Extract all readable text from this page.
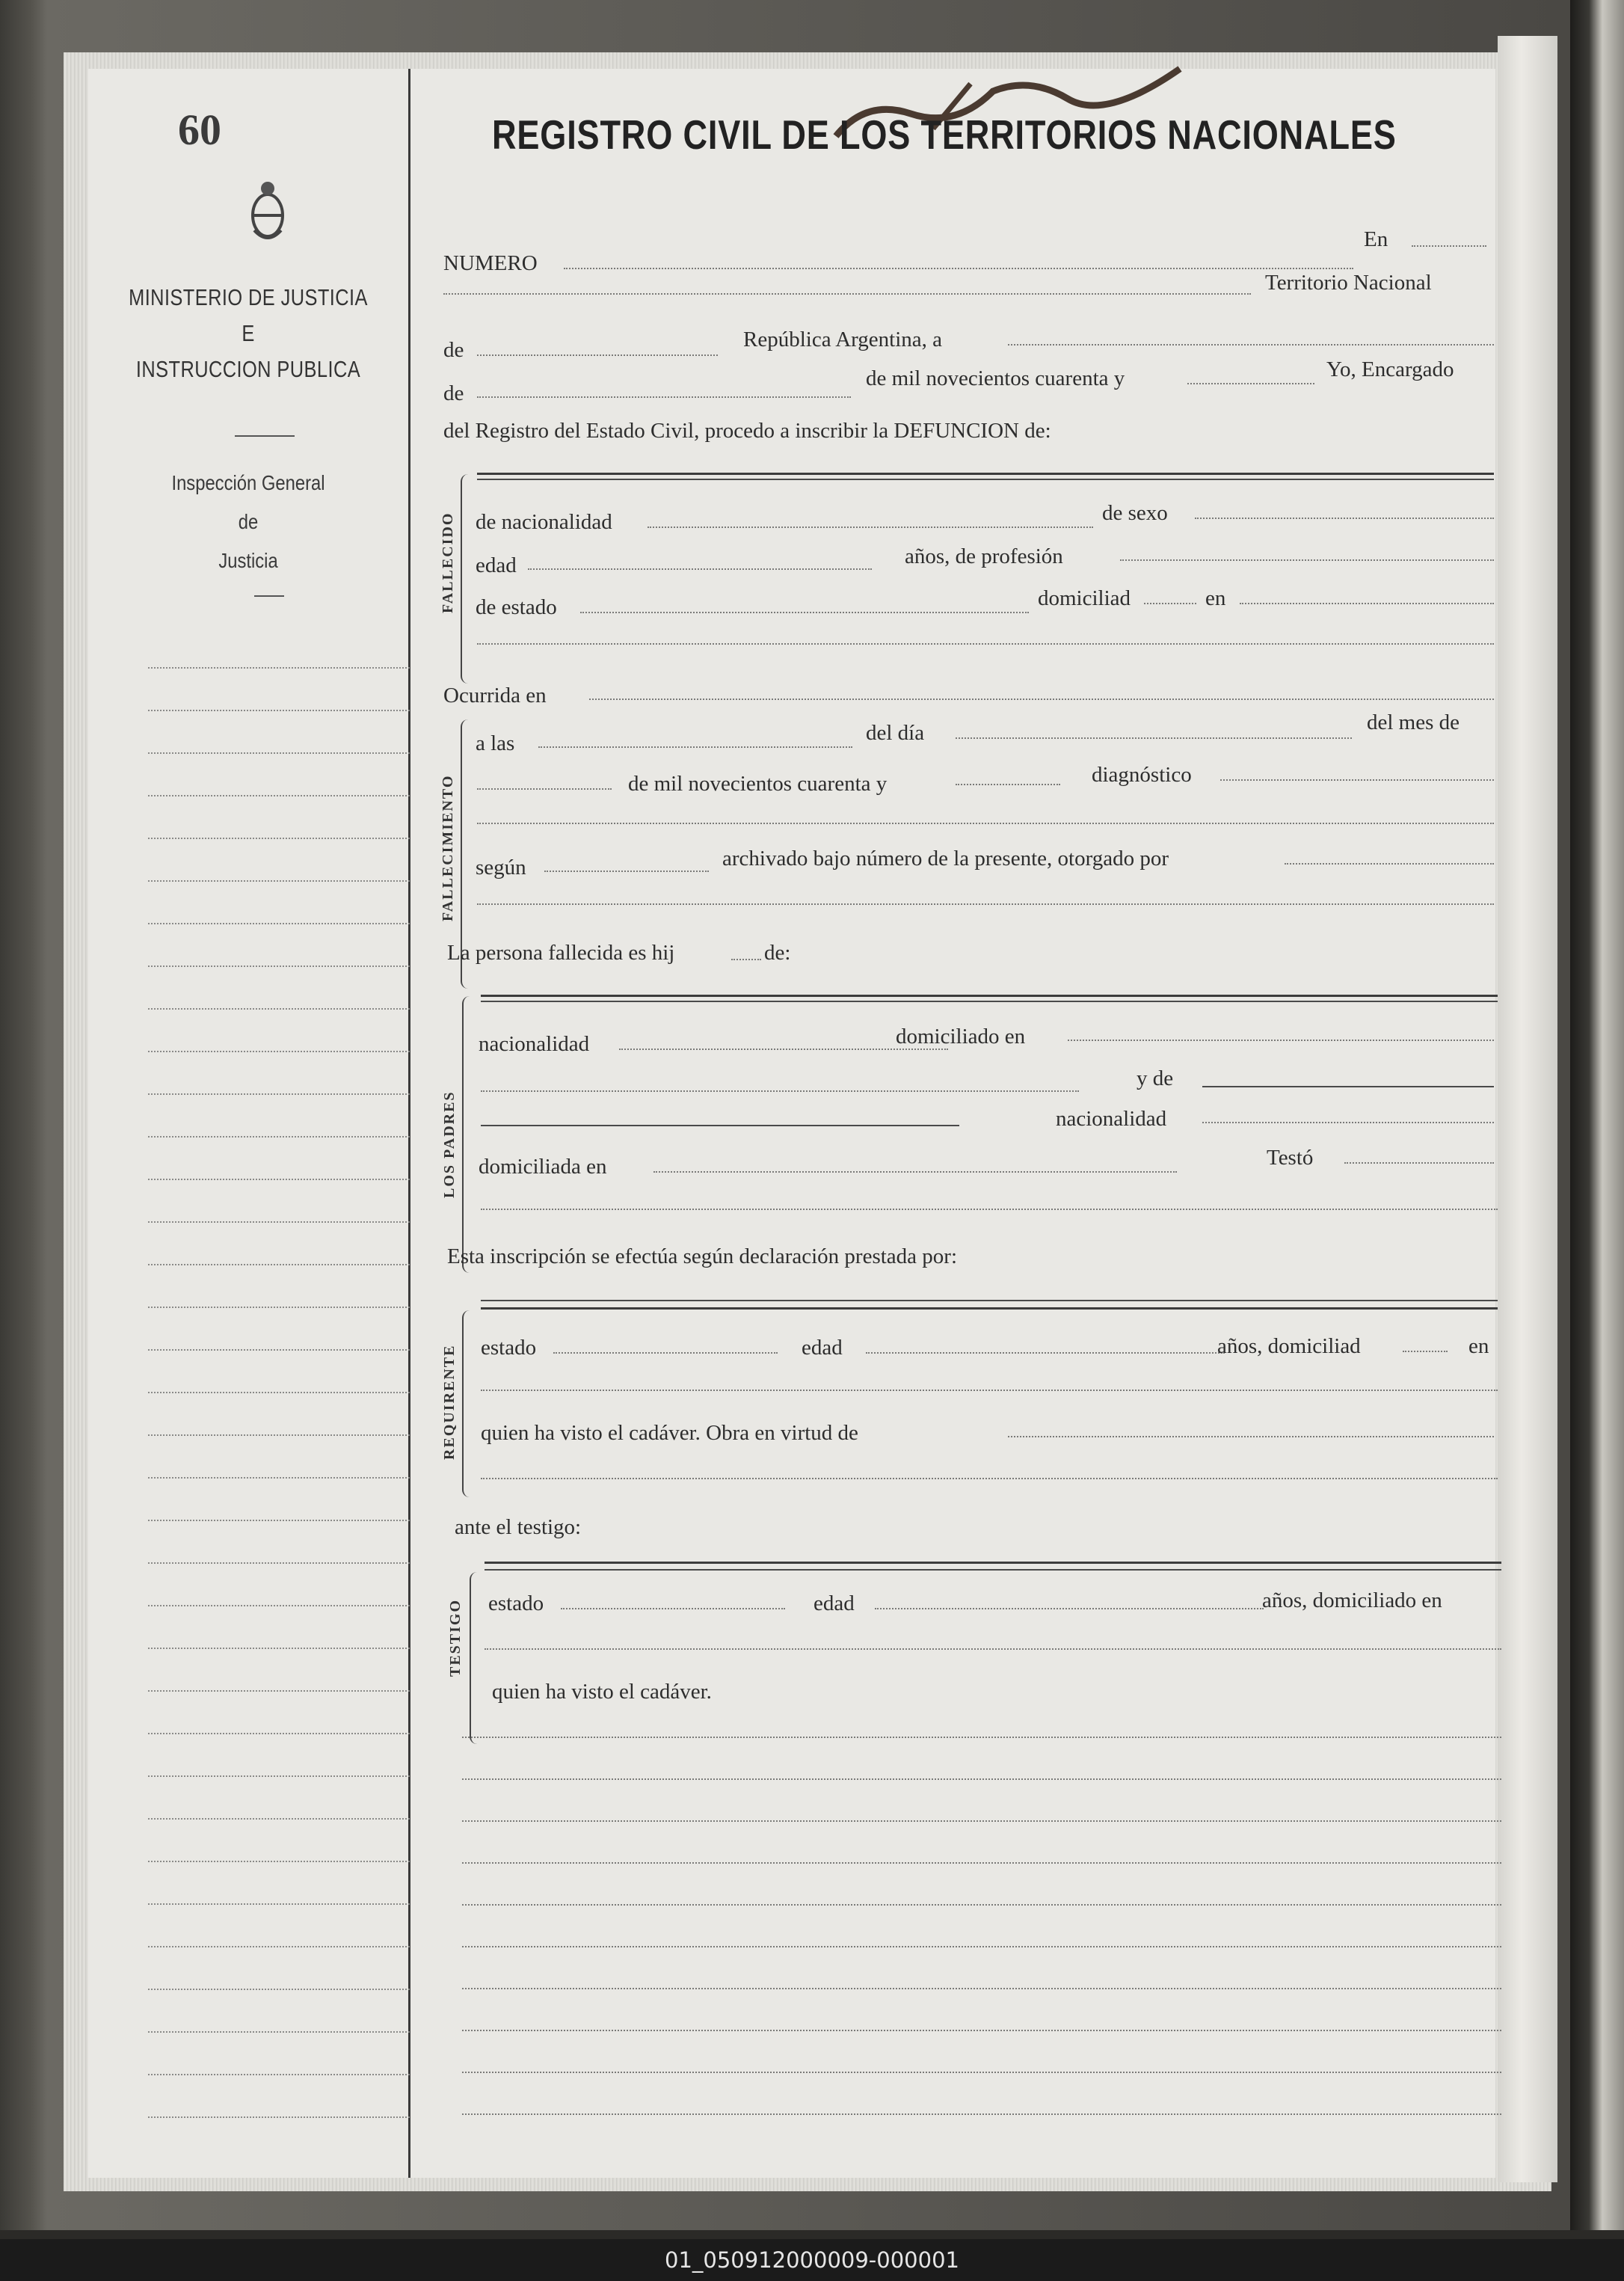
60
MINISTERIO DE JUSTICIA
E
INSTRUCCION PUBLICA
Inspección General
de
Justicia
REGISTRO CIVIL DE LOS TERRITORIOS NACIONALES
En
NUMERO
Territorio Nacional
de	República Argentina, a
de
de mil novecientos cuarenta y	Yo, Encargado
del Registro del Estado Civil, procedo a inscribir la DEFUNCION de:
FALLECIDO de nacionalidad	de sexo
edad	años, de profesión
de estado	domiciliad	en
Ocurrida en
FALLECIMIENTO
a las	del día	del mes de
de mil novecientos cuarenta y	diagnóstico
según	archivado bajo número de la presente, otorgado por
La persona fallecida es hij	de:
LOS PADRES
nacionalidad	domiciliado en
y de
nacionalidad
domiciliada en	Testó
Esta inscripción se efectúa según declaración prestada por:
REQUIRENTE estado	edad	años, domiciliad	en
quien ha visto el cadáver. Obra en virtud de
ante el testigo:
TESTIGO estado	edad	años, domiciliado en
quien ha visto el cadáver.
01_050912000009-000001
